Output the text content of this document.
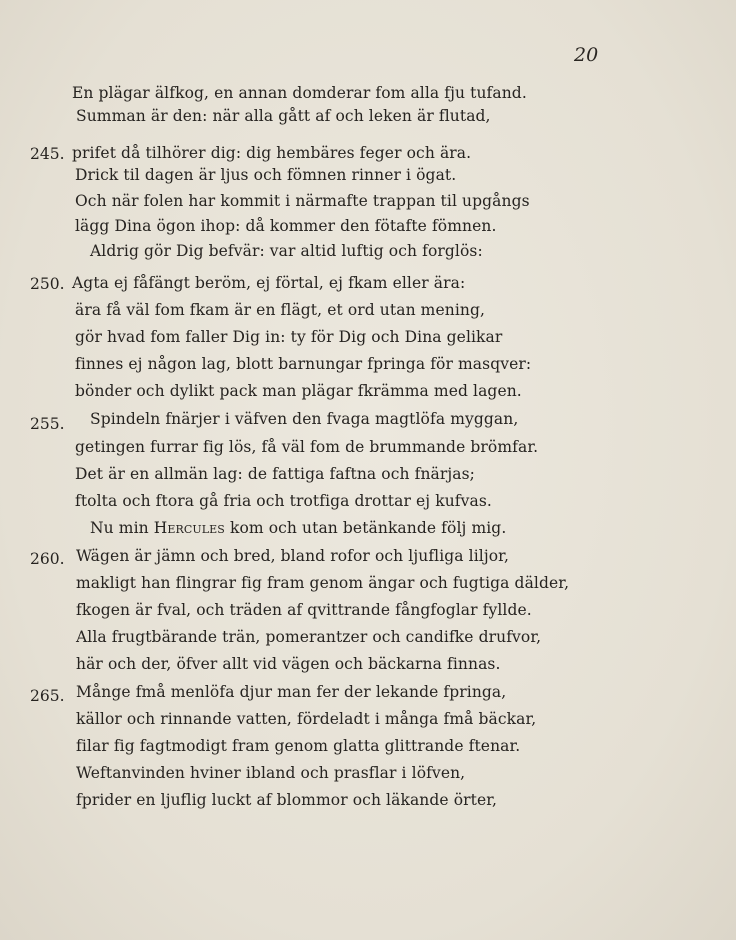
20
En plägar älfkog, en annan domderar fom alla fju tufand.
Summan är den: när alla gått af och leken är flutad,
245. prifet då tilhörer dig: dig hembäres feger och ära.
Drick til dagen är ljus och fömnen rinner i ögat.
Och när folen har kommit i närmafte trappan til upgångs
lägg Dina ögon ihop: då kommer den fötafte fömnen.
Aldrig gör Dig befvär: var altid luftig och forglös:
250. Agta ej fåfängt beröm, ej förtal, ej fkam eller ära:
ära få väl fom fkam är en flägt, et ord utan mening,
gör hvad fom faller Dig in: ty för Dig och Dina gelikar
finnes ej någon lag, blott barnungar fpringa för masqver:
bönder och dylikt pack man plägar fkrämma med lagen.
255. Spindeln fnärjer i väfven den fvaga magtlöfa myggan,
getingen furrar fig lös, få väl fom de brummande brömfar.
Det är en allmän lag: de fattiga faftna och fnärjas;
ftolta och ftora gå fria och trotfiga drottar ej kufvas.
Nu min Hercules kom och utan betänkande följ mig.
260. Wägen är jämn och bred, bland rofor och ljufliga liljor,
makligt han flingrar fig fram genom ängar och fugtiga dälder,
fkogen är fval, och träden af qvittrande fångfoglar fyllde.
Alla frugtbärande trän, pomerantzer och candifke drufvor,
här och der, öfver allt vid vägen och bäckarna finnas.
265. Månge fmå menlöfa djur man fer der lekande fpringa,
källor och rinnande vatten, fördeladt i många fmå bäckar,
filar fig fagtmodigt fram genom glatta glittrande ftenar.
Weftanvinden hviner ibland och prasflar i löfven,
fprider en ljuflig luckt af blommor och läkande örter,
